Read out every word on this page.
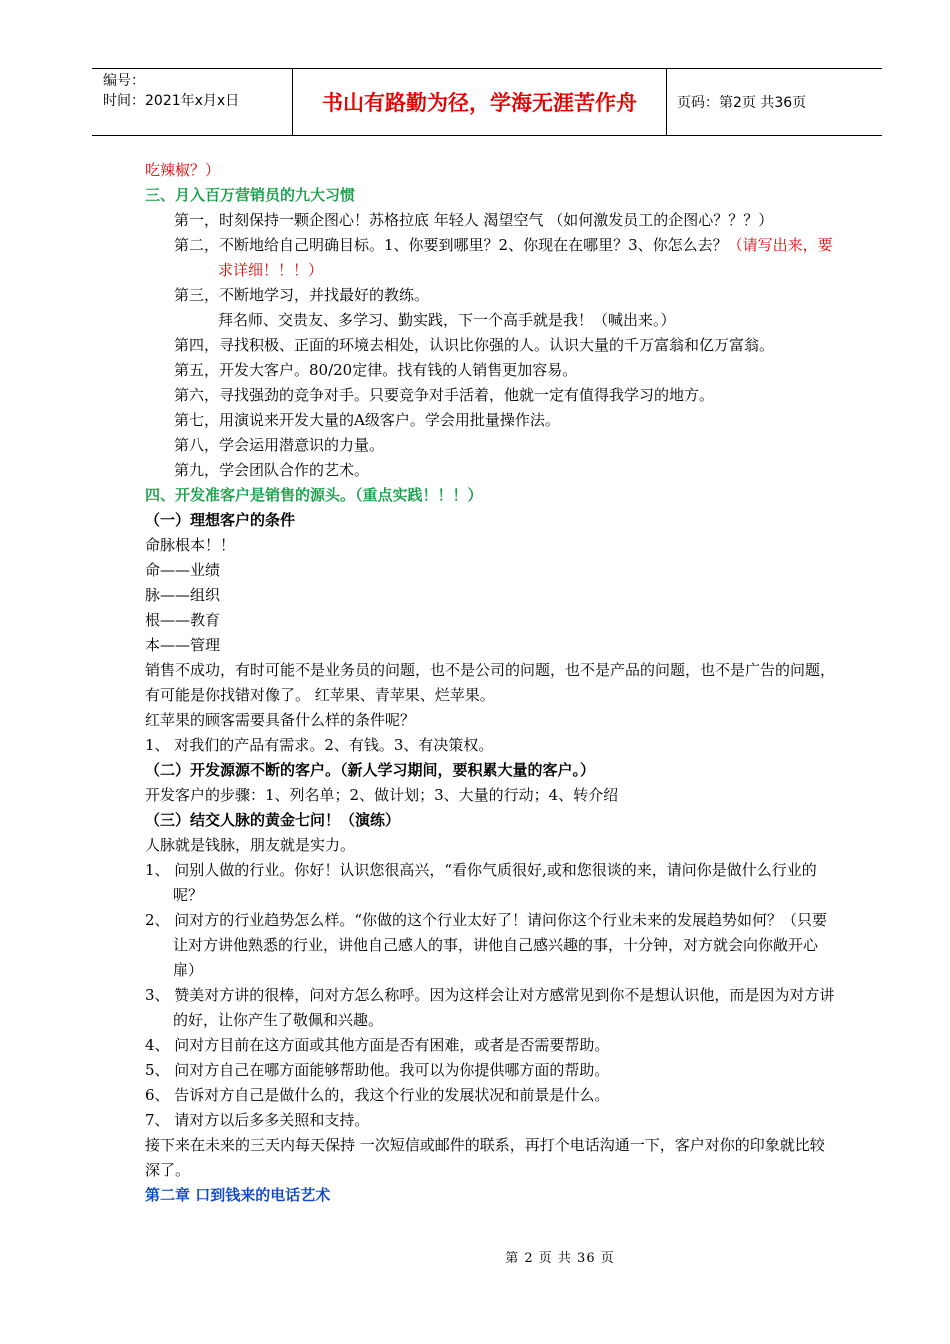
编号：
时间：2021年x月x日	书山有路勤为径，学海无涯苦作舟	页码：第2页 共36页

吃辣椒？）

三、月入百万营销员的九大习惯

第一，时刻保持一颗企图心！苏格拉底 年轻人 渴望空气 （如何激发员工的企图心？？？）

第二，不断地给自己明确目标。1、你要到哪里？2、你现在在哪里？3、你怎么去？（请写出来，要求详细！！！）

第三，不断地学习，并找最好的教练。

拜名师、交贵友、多学习、勤实践，下一个高手就是我！（喊出来。）

第四，寻找积极、正面的环境去相处，认识比你强的人。认识大量的千万富翁和亿万富翁。

第五，开发大客户。80/20定律。找有钱的人销售更加容易。

第六，寻找强劲的竞争对手。只要竞争对手活着，他就一定有值得我学习的地方。

第七，用演说来开发大量的A级客户。学会用批量操作法。

第八，学会运用潜意识的力量。

第九，学会团队合作的艺术。

四、开发准客户是销售的源头。（重点实践！！！）

（一）理想客户的条件

命脉根本！！

命——业绩

脉——组织

根——教育

本——管理

销售不成功，有时可能不是业务员的问题，也不是公司的问题，也不是产品的问题，也不是广告的问题，有可能是你找错对像了。 红苹果、青苹果、烂苹果。

红苹果的顾客需要具备什么样的条件呢？

1、 对我们的产品有需求。2、有钱。3、有决策权。

（二）开发源源不断的客户。（新人学习期间，要积累大量的客户。）

开发客户的步骤：1、列名单；2、做计划；3、大量的行动；4、转介绍

（三）结交人脉的黄金七问！（演练）

人脉就是钱脉，朋友就是实力。

1、 问别人做的行业。你好！认识您很高兴，“看你气质很好,或和您很谈的来，请问你是做什么行业的呢？

2、 问对方的行业趋势怎么样。“你做的这个行业太好了！请问你这个行业未来的发展趋势如何？（只要让对方讲他熟悉的行业，讲他自己感人的事，讲他自己感兴趣的事，十分钟，对方就会向你敞开心扉）

3、 赞美对方讲的很棒，问对方怎么称呼。因为这样会让对方感常见到你不是想认识他，而是因为对方讲的好，让你产生了敬佩和兴趣。

4、 问对方目前在这方面或其他方面是否有困难，或者是否需要帮助。

5、 问对方自己在哪方面能够帮助他。我可以为你提供哪方面的帮助。

6、 告诉对方自己是做什么的，我这个行业的发展状况和前景是什么。

7、 请对方以后多多关照和支持。

接下来在未来的三天内每天保持 一次短信或邮件的联系，再打个电话沟通一下，客户对你的印象就比较深了。

第二章 口到钱来的电话艺术

第 2 页 共 36 页
